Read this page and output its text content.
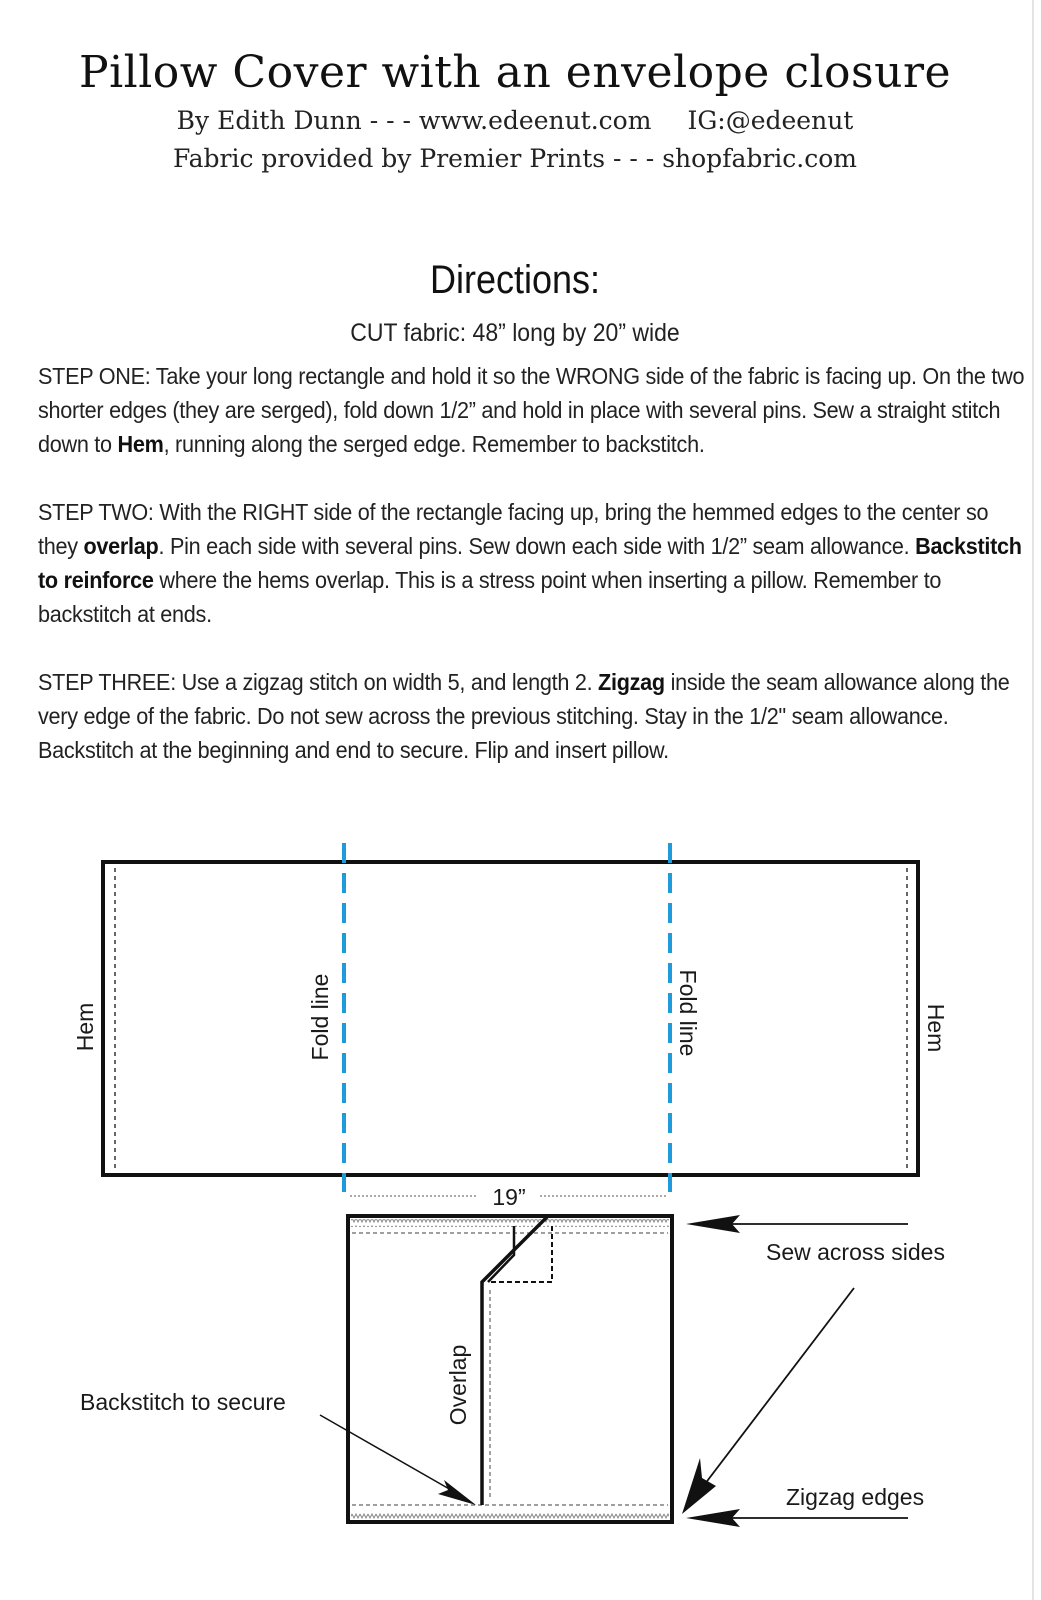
Pillow Cover with an envelope closure
By Edith Dunn - - - www.edeenut.com IG:@edeenut
Fabric provided by Premier Prints - - - shopfabric.com
Directions:
CUT fabric: 48” long by 20” wide

STEP ONE: Take your long rectangle and hold it so the WRONG side of the fabric is facing up. On the two shorter edges (they are serged), fold down 1/2” and hold in place with several pins. Sew a straight stitch down to Hem, running along the serged edge. Remember to backstitch.

STEP TWO: With the RIGHT side of the rectangle facing up, bring the hemmed edges to the center so they overlap. Pin each side with several pins. Sew down each side with 1/2” seam allowance. Backstitch to reinforce where the hems overlap. This is a stress point when inserting a pillow. Remember to backstitch at ends.

STEP THREE: Use a zigzag stitch on width 5, and length 2. Zigzag inside the seam allowance along the very edge of the fabric. Do not sew across the previous stitching. Stay in the 1/2" seam allowance. Backstitch at the beginning and end to secure. Flip and insert pillow.

Hem	Fold line	Fold line	Hem
19”
Overlap
Sew across sides
Zigzag edges
Backstitch to secure
